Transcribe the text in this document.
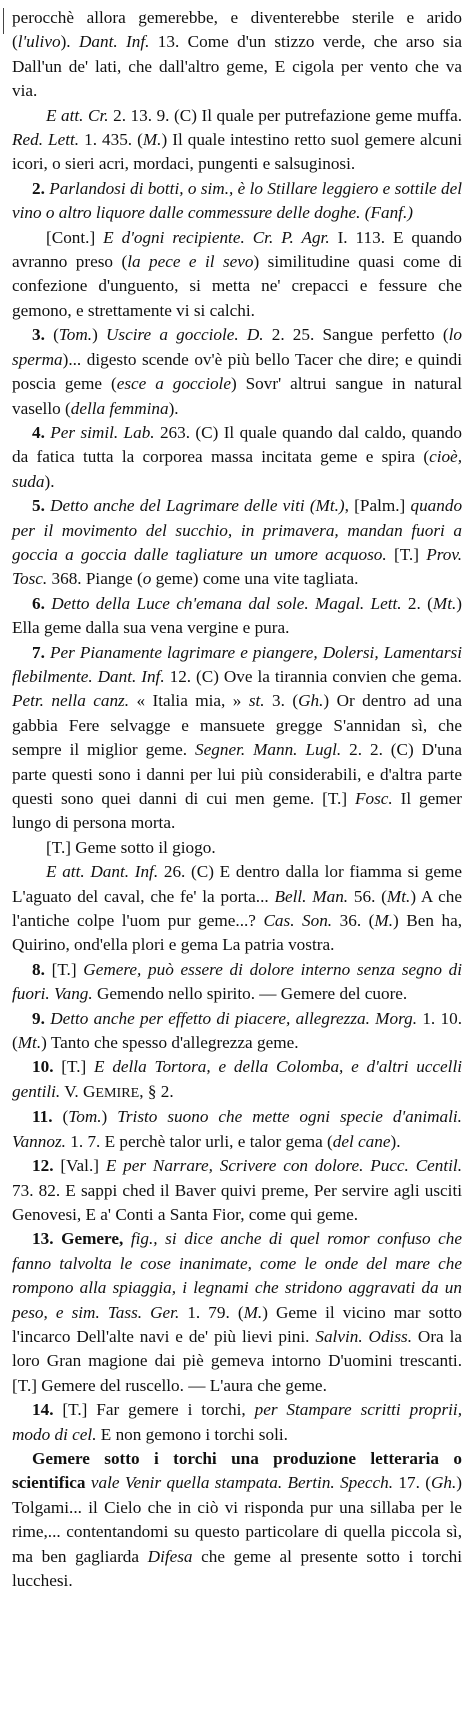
perocchè allora gemerebbe, e diventerebbe sterile e arido (l'ulivo). Dant. Inf. 13. Come d'un stizzo verde, che arso sia Dall'un de' lati, che dall'altro geme, E cigola per vento che va via.

E att. Cr. 2. 13. 9. (C) Il quale per putrefazione geme muffa. Red. Lett. 1. 435. (M.) Il quale intestino retto suol gemere alcuni icori, o sieri acri, mordaci, pungenti e salsuginosi.

2. Parlandosi di botti, o sim., è lo Stillare leggiero e sottile del vino o altro liquore dalle commessure delle doghe. (Fanf.)

[Cont.] E d'ogni recipiente. Cr. P. Agr. I. 113. E quando avranno preso (la pece e il sevo) similitudine quasi come di confezione d'unguento, si metta ne' crepacci e fessure che gemono, e strettamente vi si calchi.

3. (Tom.) Uscire a gocciole. D. 2. 25. Sangue perfetto (lo sperma)... digesto scende ov'è più bello Tacer che dire; e quindi poscia geme (esce a gocciole) Sovr' altrui sangue in natural vasello (della femmina).

4. Per simil. Lab. 263. (C) Il quale quando dal caldo, quando da fatica tutta la corporea massa incitata geme e spira (cioè, suda).

5. Detto anche del Lagrimare delle viti (Mt.), [Palm.] quando per il movimento del succhio, in primavera, mandan fuori a goccia a goccia dalle tagliature un umore acquoso. [T.] Prov. Tosc. 368. Piange (o geme) come una vite tagliata.

6. Detto della Luce ch'emana dal sole. Magal. Lett. 2. (Mt.) Ella geme dalla sua vena vergine e pura.

7. Per Pianamente lagrimare e piangere, Dolersi, Lamentarsi flebilmente. Dant. Inf. 12. (C) Ove la tirannia convien che gema. Petr. nella canz. « Italia mia, » st. 3. (Gh.) Or dentro ad una gabbia Fere selvagge e mansuete gregge S'annidan sì, che sempre il miglior geme. Segner. Mann. Lugl. 2. 2. (C) D'una parte questi sono i danni per lui più considerabili, e d'altra parte questi sono quei danni di cui men geme. [T.] Fosc. Il gemer lungo di persona morta.

[T.] Geme sotto il giogo.

E att. Dant. Inf. 26. (C) E dentro dalla lor fiamma si geme L'aguato del caval, che fe' la porta... Bell. Man. 56. (Mt.) A che l'antiche colpe l'uom pur geme...? Cas. Son. 36. (M.) Ben ha, Quirino, ond'ella plori e gema La patria vostra.

8. [T.] Gemere, può essere di dolore interno senza segno di fuori. Vang. Gemendo nello spirito. — Gemere del cuore.

9. Detto anche per effetto di piacere, allegrezza. Morg. 1. 10. (Mt.) Tanto che spesso d'allegrezza geme.

10. [T.] E della Tortora, e della Colomba, e d'altri uccelli gentili. V. GEMIRE, § 2.

11. (Tom.) Tristo suono che mette ogni specie d'animali. Vannoz. 1. 7. E perchè talor urli, e talor gema (del cane).

12. [Val.] E per Narrare, Scrivere con dolore. Pucc. Centil. 73. 82. E sappi ched il Baver quivi preme, Per servire agli usciti Genovesi, E a' Conti a Santa Fior, come qui geme.

13. Gemere, fig., si dice anche di quel romor confuso che fanno talvolta le cose inanimate, come le onde del mare che rompono alla spiaggia, i legnami che stridono aggravati da un peso, e sim. Tass. Ger. 1. 79. (M.) Geme il vicino mar sotto l'incarco Dell'alte navi e de' più lievi pini. Salvin. Odiss. Ora la loro Gran magione dai piè gemeva intorno D'uomini trescanti. [T.] Gemere del ruscello. — L'aura che geme.

14. [T.] Far gemere i torchi, per Stampare scritti proprii, modo di cel. E non gemono i torchi soli.

Gemere sotto i torchi una produzione letteraria o scientifica vale Venir quella stampata. Bertin. Specch. 17. (Gh.) Tolgami... il Cielo che in ciò vi risponda pur una sillaba per le rime,... contentandomi su questo particolare di quella piccola sì, ma ben gagliarda Difesa che geme al presente sotto i torchi lucchesi.
